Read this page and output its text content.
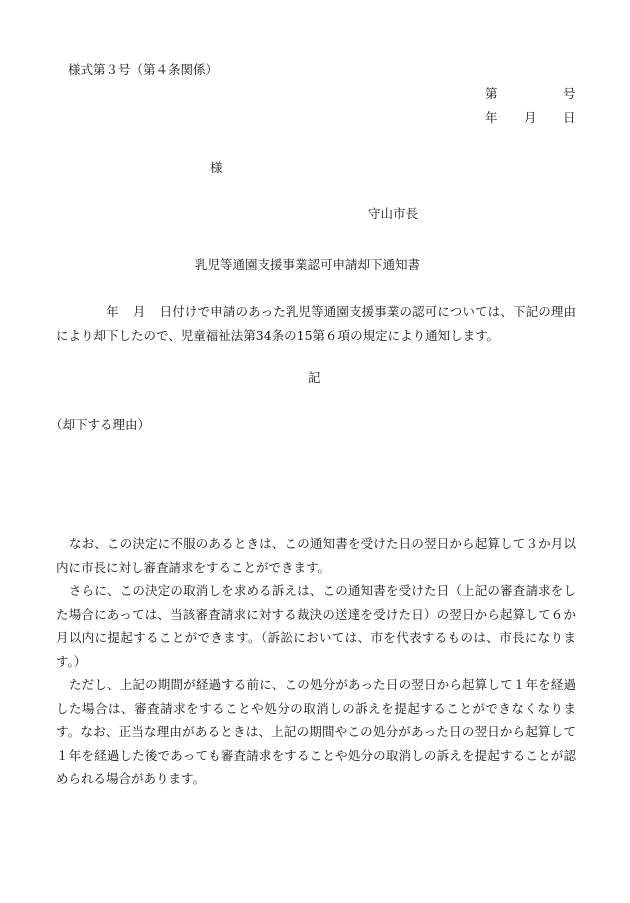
様式第３号（第４条関係）
第	号
年 月 日
様
守山市長
乳児等通園支援事業認可申請却下通知書
年 月 日付けで申請のあった乳児等通園支援事業の認可については、下記の理由により却下したので、児童福祉法第34条の15第６項の規定により通知します。
記
（却下する理由）
なお、この決定に不服のあるときは、この通知書を受けた日の翌日から起算して３か月以内に市長に対し審査請求をすることができます。
さらに、この決定の取消しを求める訴えは、この通知書を受けた日（上記の審査請求をした場合にあっては、当該審査請求に対する裁決の送達を受けた日）の翌日から起算して６か月以内に提起することができます。（訴訟においては、市を代表するものは、市長になります。）
ただし、上記の期間が経過する前に、この処分があった日の翌日から起算して１年を経過した場合は、審査請求をすることや処分の取消しの訴えを提起することができなくなります。なお、正当な理由があるときは、上記の期間やこの処分があった日の翌日から起算して１年を経過した後であっても審査請求をすることや処分の取消しの訴えを提起することが認められる場合があります。
